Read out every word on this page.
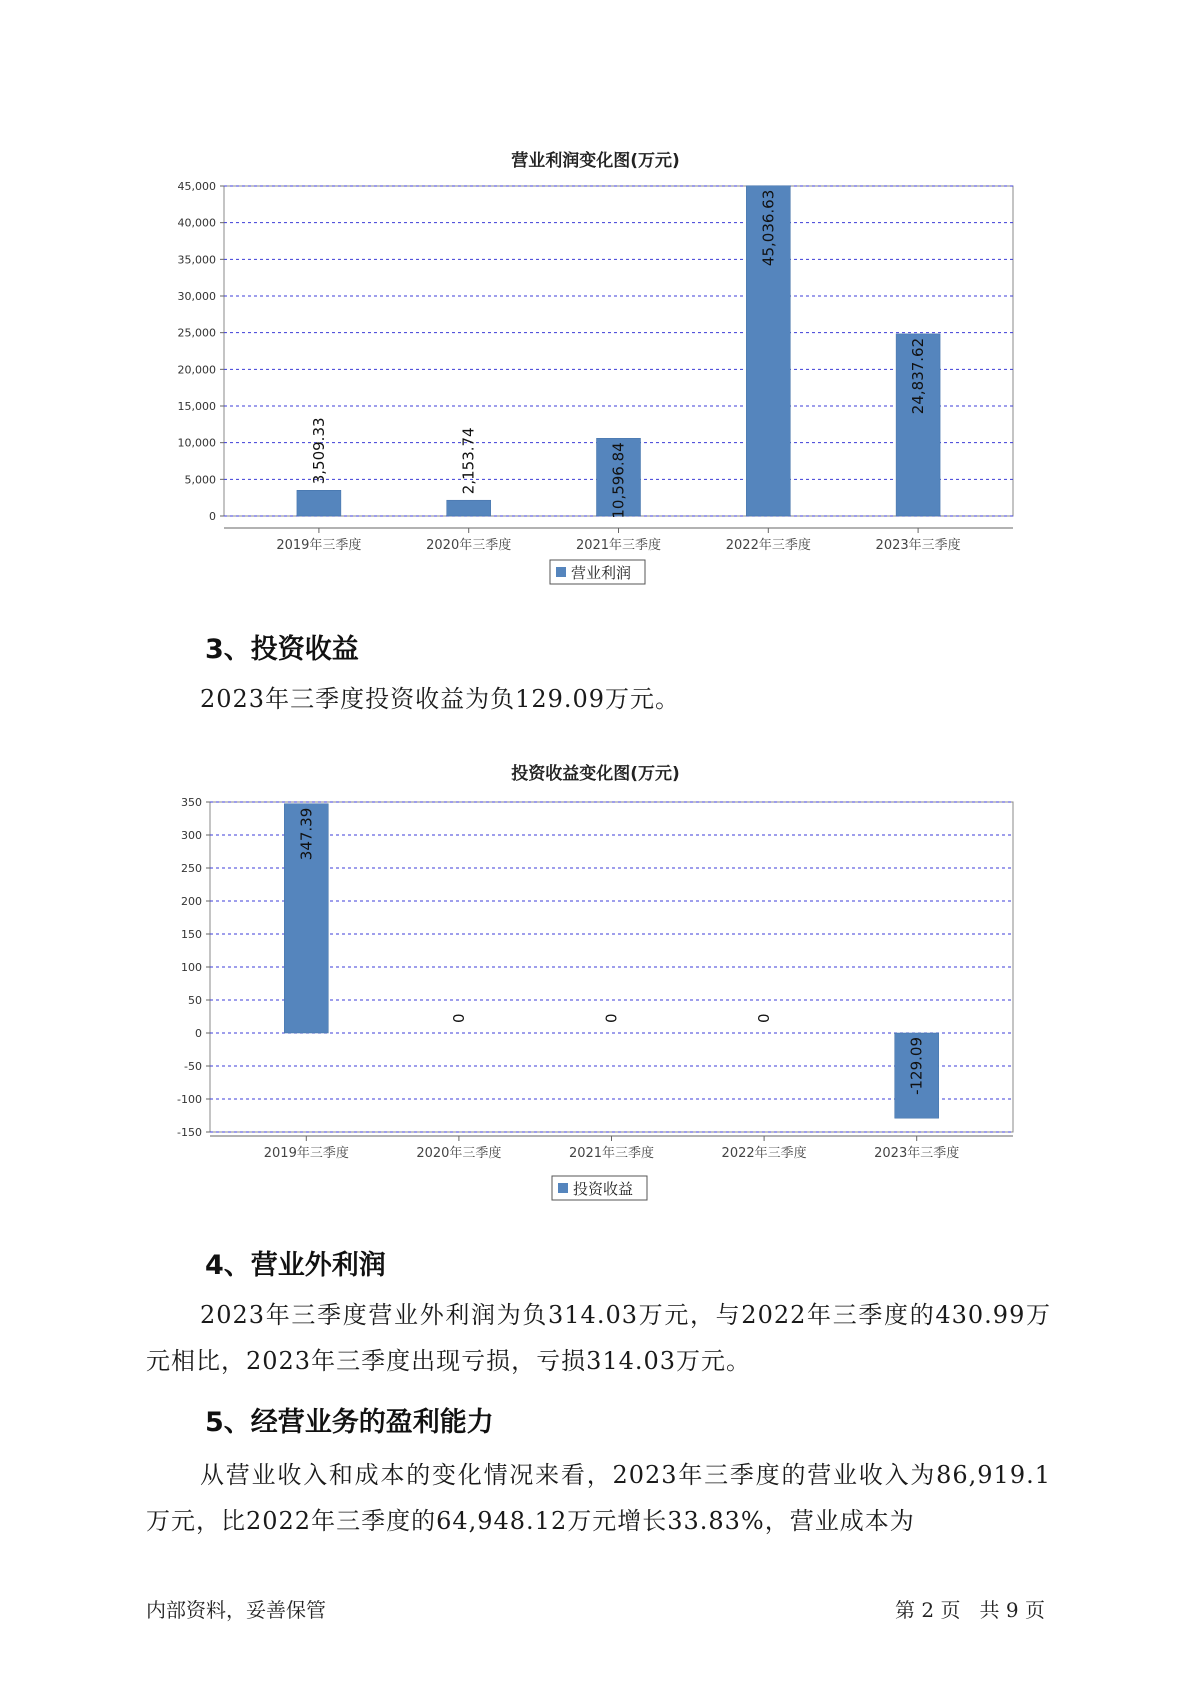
营业利润变化图(万元)
0
5,000
10,000
15,000
20,000
25,000
30,000
35,000
40,000
45,000
2019年三季度	2020年三季度	2021年三季度	2022年三季度	2023年三季度
3,509.33	2,153.74	10,596.84
45,036.63
24,837.62
营业利润
3、投资收益
2023年三季度投资收益为负129.09万元。
投资收益变化图(万元)
-150
-100
-50
0
50
100
150
200
250
300
350
2019年三季度	2020年三季度	2021年三季度	2022年三季度	2023年三季度
347.39
0	0	0
-129.09
投资收益
4、营业外利润
2023年三季度营业外利润为负314.03万元，与2022年三季度的430.99万元相比，2023年三季度出现亏损，亏损314.03万元。
5、经营业务的盈利能力
从营业收入和成本的变化情况来看，2023年三季度的营业收入为86,919.1万元，比2022年三季度的64,948.12万元增长33.83%，营业成本为
内部资料，妥善保管	第 2 页   共 9 页
